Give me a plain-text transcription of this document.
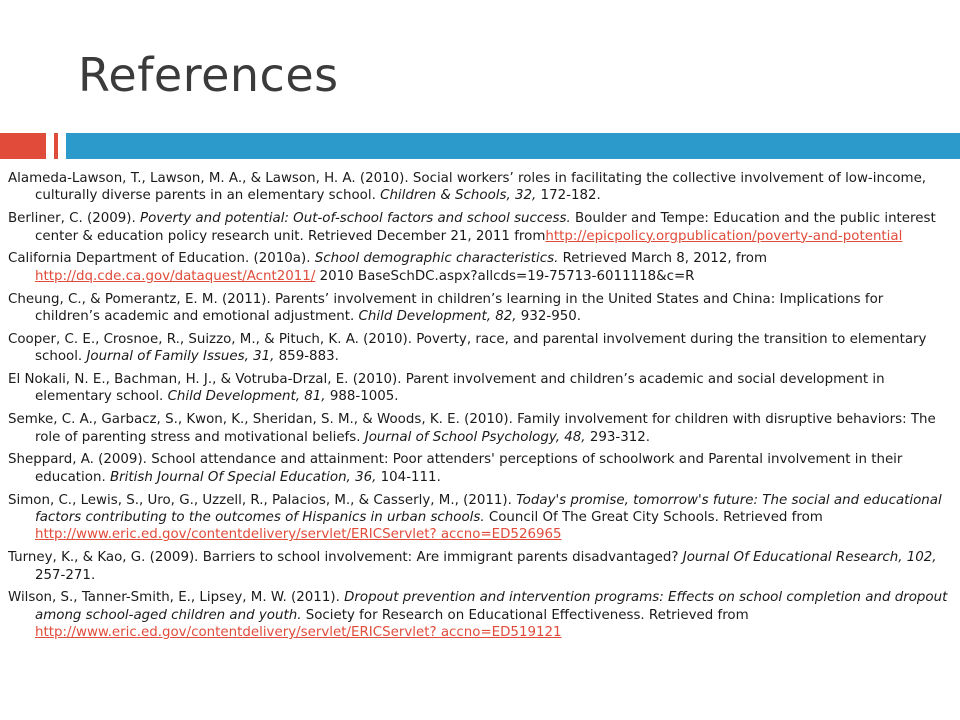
References

Alameda-Lawson, T., Lawson, M. A., & Lawson, H. A. (2010). Social workers’ roles in facilitating the collective involvement of low-income, culturally diverse parents in an elementary school. Children & Schools, 32, 172-182.

Berliner, C. (2009). Poverty and potential: Out-of-school factors and school success. Boulder and Tempe: Education and the public interest center & education policy research unit. Retrieved December 21, 2011 fromhttp://epicpolicy.orgpublication/poverty-and-potential

California Department of Education. (2010a). School demographic characteristics. Retrieved March 8, 2012, from http://dq.cde.ca.gov/dataquest/Acnt2011/ 2010 BaseSchDC.aspx?allcds=19-75713-6011118&c=R

Cheung, C., & Pomerantz, E. M. (2011). Parents’ involvement in children’s learning in the United States and China: Implications for children’s academic and emotional adjustment. Child Development, 82, 932-950.

Cooper, C. E., Crosnoe, R., Suizzo, M., & Pituch, K. A. (2010). Poverty, race, and parental involvement during the transition to elementary school. Journal of Family Issues, 31, 859-883.

El Nokali, N. E., Bachman, H. J., & Votruba-Drzal, E. (2010). Parent involvement and children’s academic and social development in elementary school. Child Development, 81, 988-1005.

Semke, C. A., Garbacz, S., Kwon, K., Sheridan, S. M., & Woods, K. E. (2010). Family involvement for children with disruptive behaviors: The role of parenting stress and motivational beliefs. Journal of School Psychology, 48, 293-312.

Sheppard, A. (2009). School attendance and attainment: Poor attenders' perceptions of schoolwork and Parental involvement in their education. British Journal Of Special Education, 36, 104-111.

Simon, C., Lewis, S., Uro, G., Uzzell, R., Palacios, M., & Casserly, M., (2011). Today's promise, tomorrow's future: The social and educational factors contributing to the outcomes of Hispanics in urban schools. Council Of The Great City Schools. Retrieved from http://www.eric.ed.gov/contentdelivery/servlet/ERICServlet? accno=ED526965

Turney, K., & Kao, G. (2009). Barriers to school involvement: Are immigrant parents disadvantaged? Journal Of Educational Research, 102, 257-271.

Wilson, S., Tanner-Smith, E., Lipsey, M. W. (2011). Dropout prevention and intervention programs: Effects on school completion and dropout among school-aged children and youth. Society for Research on Educational Effectiveness. Retrieved from http://www.eric.ed.gov/contentdelivery/servlet/ERICServlet? accno=ED519121
